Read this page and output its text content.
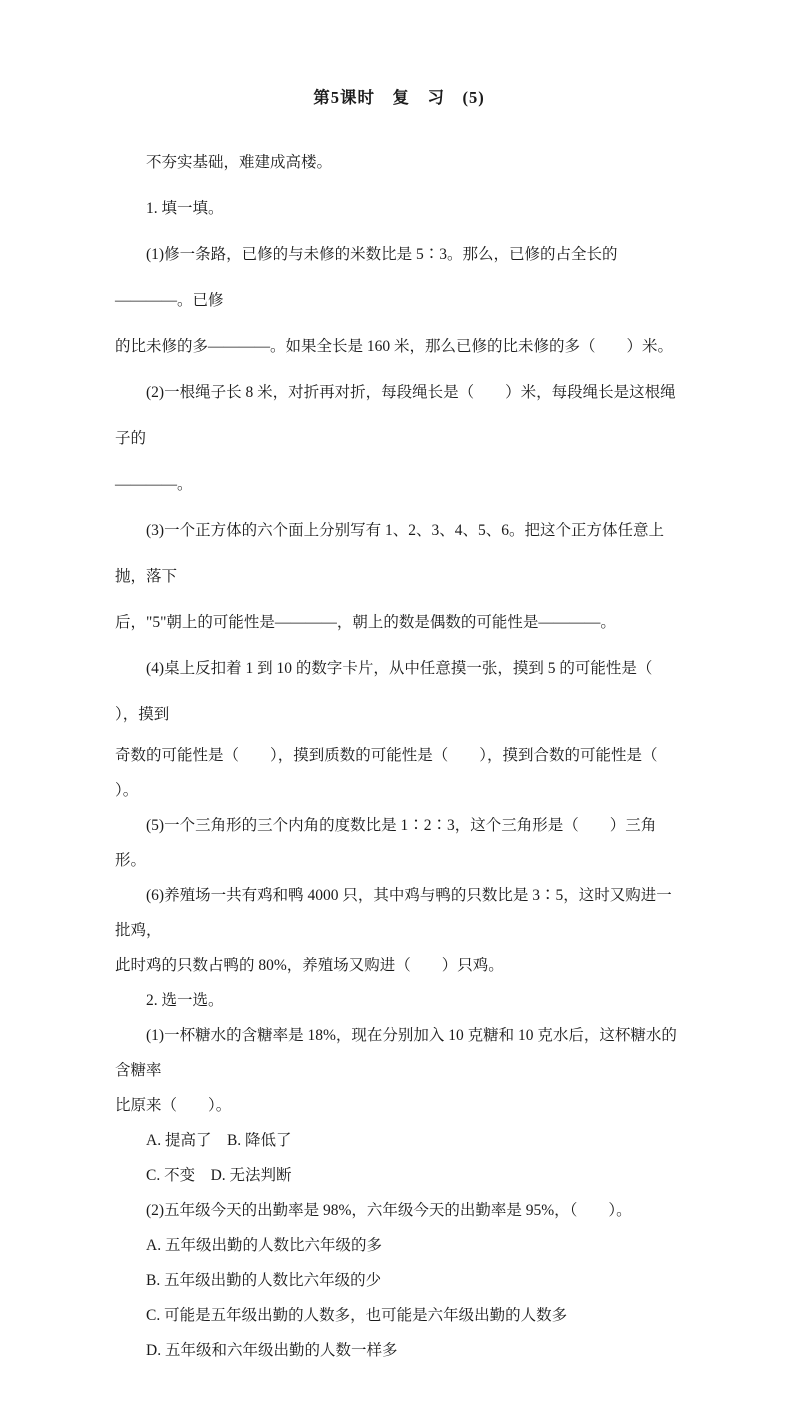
第5课时　复　习　(5)

不夯实基础，难建成高楼。

1. 填一填。

(1)修一条路，已修的与未修的米数比是 5∶3。那么，已修的占全长的————。已修

的比未修的多————。如果全长是 160 米，那么已修的比未修的多（　　）米。

(2)一根绳子长 8 米，对折再对折，每段绳长是（　　）米，每段绳长是这根绳子的

————。

(3)一个正方体的六个面上分别写有 1、2、3、4、5、6。把这个正方体任意上抛，落下

后，"5"朝上的可能性是————，朝上的数是偶数的可能性是————。

(4)桌上反扣着 1 到 10 的数字卡片，从中任意摸一张，摸到 5 的可能性是（　　），摸到

奇数的可能性是（　　），摸到质数的可能性是（　　），摸到合数的可能性是（　　）。

(5)一个三角形的三个内角的度数比是 1∶2∶3，这个三角形是（　　）三角形。

(6)养殖场一共有鸡和鸭 4000 只，其中鸡与鸭的只数比是 3∶5，这时又购进一批鸡，

此时鸡的只数占鸭的 80%，养殖场又购进（　　）只鸡。

2. 选一选。

(1)一杯糖水的含糖率是 18%，现在分别加入 10 克糖和 10 克水后，这杯糖水的含糖率

比原来（　　）。

A. 提高了　B. 降低了

C. 不变　D. 无法判断

(2)五年级今天的出勤率是 98%，六年级今天的出勤率是 95%，（　　）。

A. 五年级出勤的人数比六年级的多

B. 五年级出勤的人数比六年级的少

C. 可能是五年级出勤的人数多，也可能是六年级出勤的人数多

D. 五年级和六年级出勤的人数一样多
